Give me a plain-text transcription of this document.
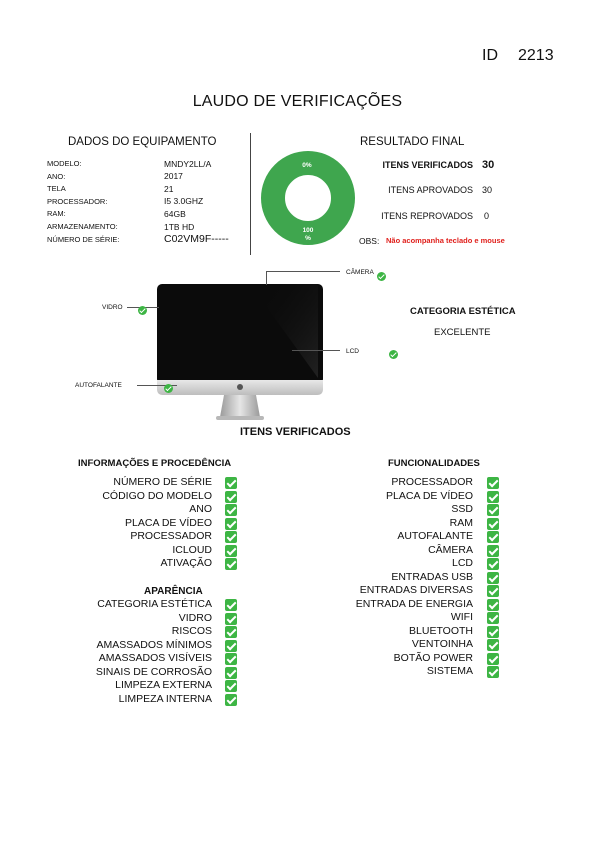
ID 2213
LAUDO DE VERIFICAÇÕES
DADOS DO EQUIPAMENTO
MODELO:	MNDY2LL/A
ANO:	2017
TELA	21
PROCESSADOR:	I5 3.0GHZ
RAM:	64GB
ARMAZENAMENTO:	1TB HD
NÚMERO DE SÉRIE:	C02VM9F-----
RESULTADO FINAL
0%
100 %
ITENS VERIFICADOS 30
ITENS APROVADOS 30
ITENS REPROVADOS 0
OBS: Não acompanha teclado e mouse
CÂMERA

VIDRO

LCD

AUTOFALANTE
CATEGORIA ESTÉTICA
EXCELENTE
ITENS VERIFICADOS
INFORMAÇÕES E PROCEDÊNCIA	FUNCIONALIDADES
NÚMERO DE SÉRIE
CÓDIGO DO MODELO
ANO
PLACA DE VÍDEO
PROCESSADOR
ICLOUD
ATIVAÇÃO
APARÊNCIA
CATEGORIA ESTÉTICA
VIDRO
RISCOS
AMASSADOS MÍNIMOS
AMASSADOS VISÍVEIS
SINAIS DE CORROSÃO
LIMPEZA EXTERNA
LIMPEZA INTERNA
PROCESSADOR
PLACA DE VÍDEO
SSD
RAM
AUTOFALANTE
CÂMERA
LCD
ENTRADAS USB
ENTRADAS DIVERSAS
ENTRADA DE ENERGIA
WIFI
BLUETOOTH
VENTOINHA
BOTÃO POWER
SISTEMA
